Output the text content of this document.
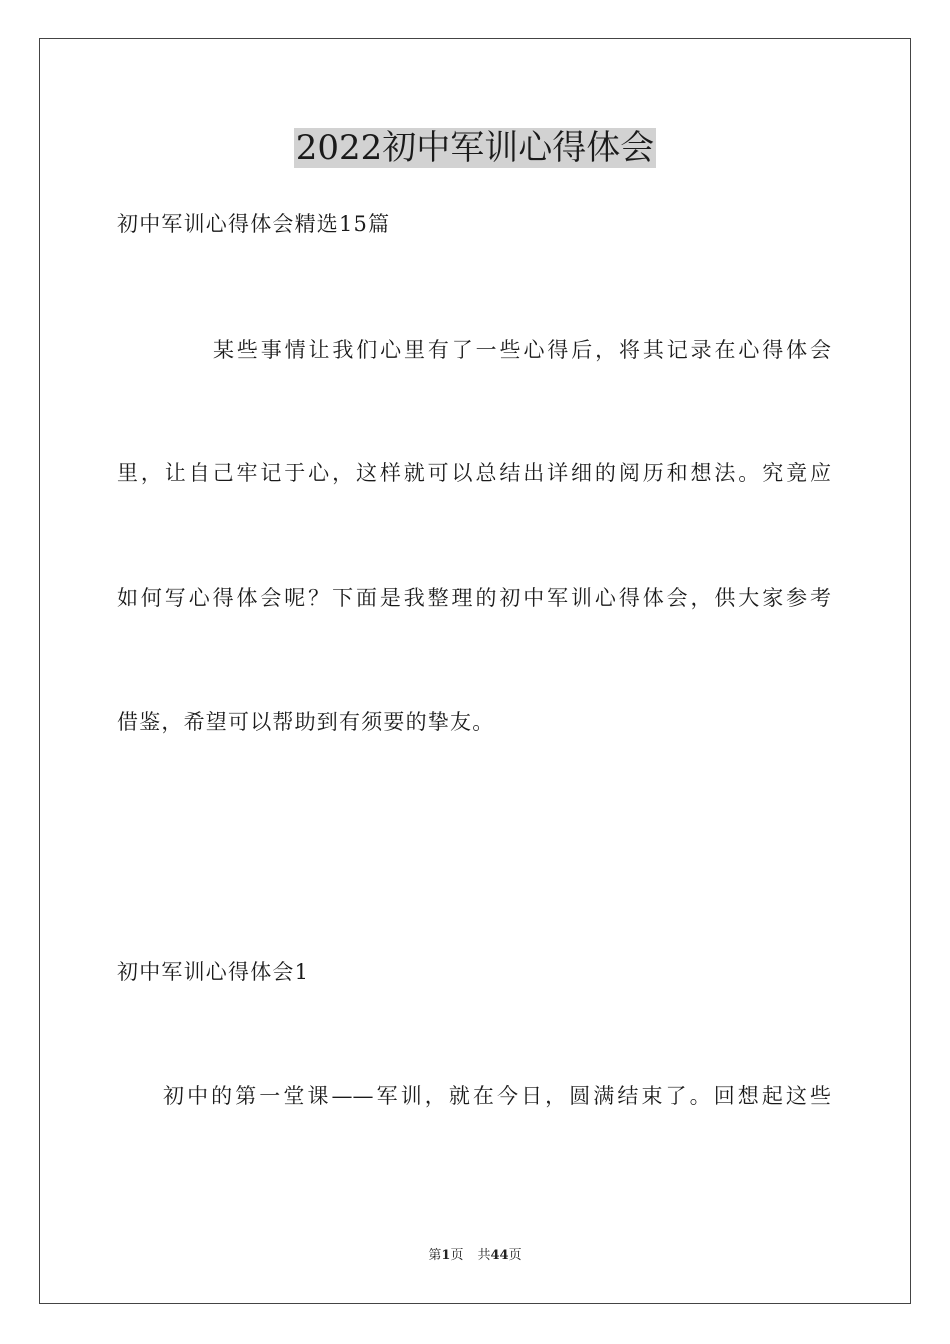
2022初中军训心得体会
初中军训心得体会精选15篇
某些事情让我们心里有了一些心得后，将其记录在心得体会
里，让自己牢记于心，这样就可以总结出详细的阅历和想法。究竟应
如何写心得体会呢？下面是我整理的初中军训心得体会，供大家参考
借鉴，希望可以帮助到有须要的挚友。
初中军训心得体会1
初中的第一堂课——军训，就在今日，圆满结束了。回想起这些
第1页 共44页
